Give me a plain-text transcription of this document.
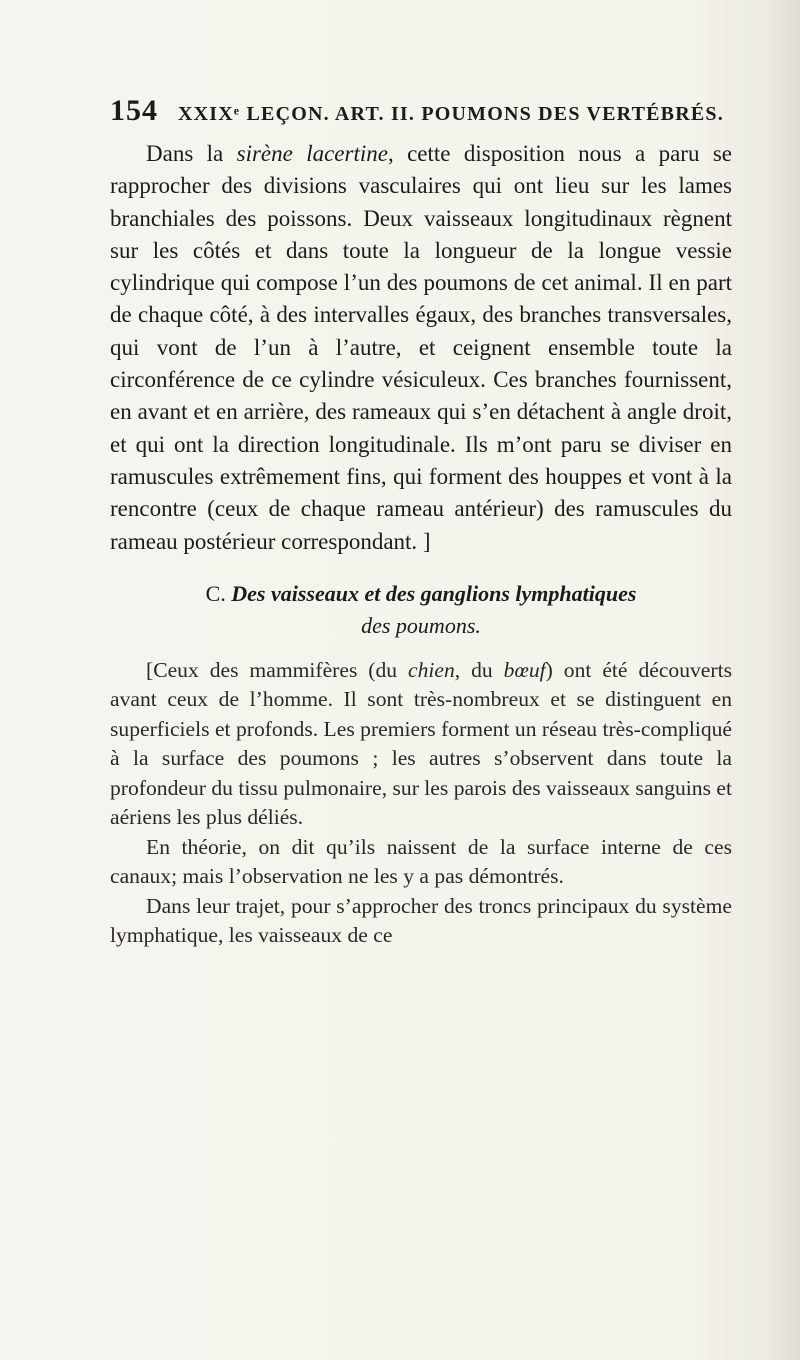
154 XXIXᵉ LEÇON. ART. II. POUMONS DES VERTÉBRÉS.

Dans la sirène lacertine, cette disposition nous a paru se rapprocher des divisions vasculaires qui ont lieu sur les lames branchiales des poissons. Deux vaisseaux longitudinaux règnent sur les côtés et dans toute la longueur de la longue vessie cylindrique qui compose l’un des poumons de cet animal. Il en part de chaque côté, à des intervalles égaux, des branches transversales, qui vont de l’un à l’autre, et ceignent ensemble toute la circonférence de ce cylindre vésiculeux. Ces branches fournissent, en avant et en arrière, des rameaux qui s’en détachent à angle droit, et qui ont la direction longitudinale. Ils m’ont paru se diviser en ramuscules extrêmement fins, qui forment des houppes et vont à la rencontre (ceux de chaque rameau antérieur) des ramuscules du rameau postérieur correspondant. ]

C. Des vaisseaux et des ganglions lymphatiques
des poumons.

[Ceux des mammifères (du chien, du bœuf) ont été découverts avant ceux de l’homme. Il sont très-nombreux et se distinguent en superficiels et profonds. Les premiers forment un réseau très-compliqué à la surface des poumons ; les autres s’observent dans toute la profondeur du tissu pulmonaire, sur les parois des vaisseaux sanguins et aériens les plus déliés.

En théorie, on dit qu’ils naissent de la surface interne de ces canaux; mais l’observation ne les y a pas démontrés.

Dans leur trajet, pour s’approcher des troncs principaux du système lymphatique, les vaisseaux de ce
